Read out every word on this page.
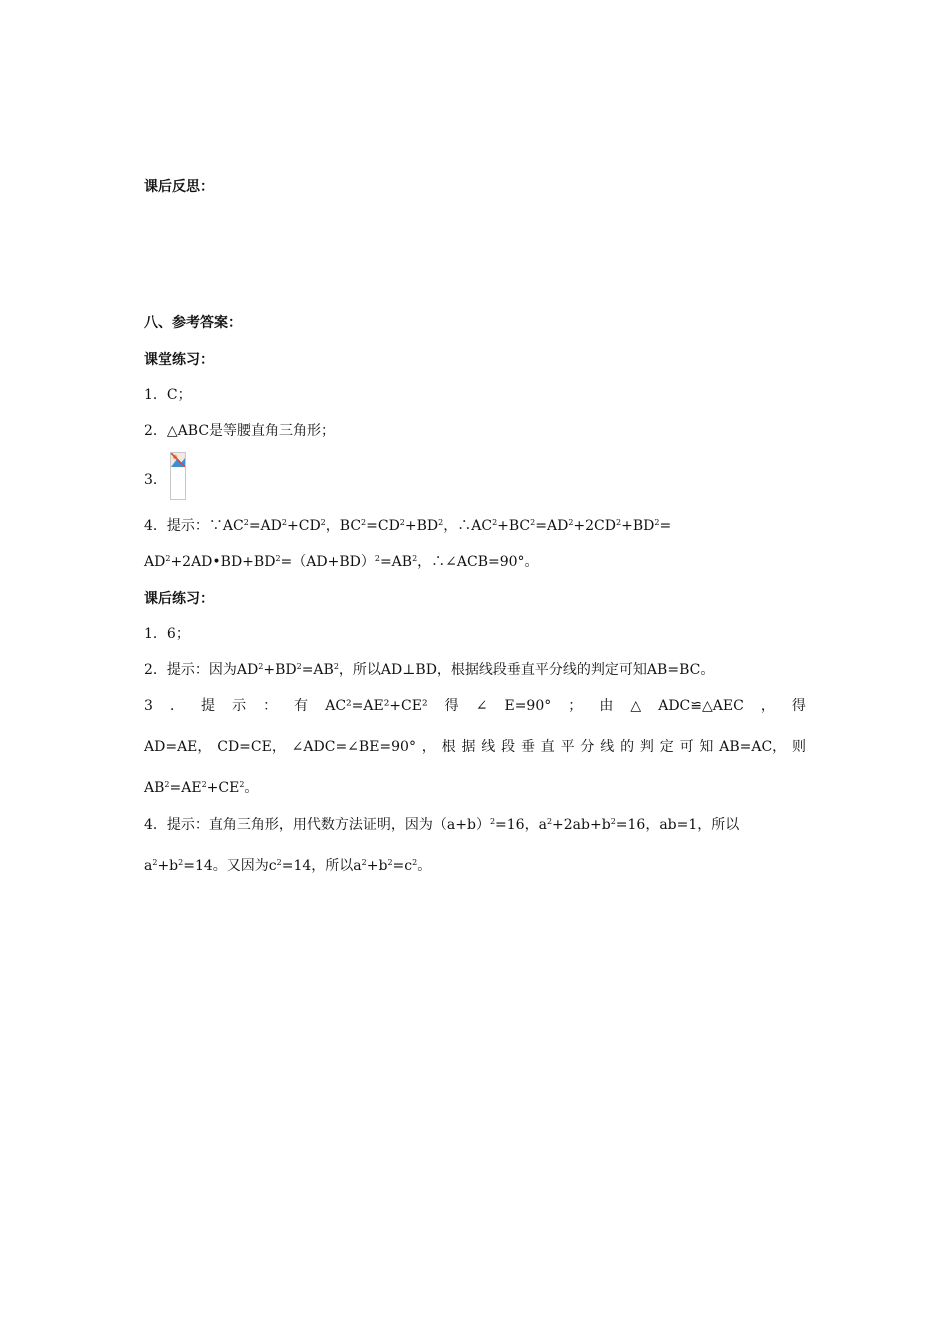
课后反思：
八、参考答案：
课堂练习：
1．C；
2．△ABC是等腰直角三角形；
3．
4．提示：$\because AC^2=AD^2+CD^2$，$BC^2=CD^2+BD^2$，$\therefore AC^2+BC^2=AD^2+2CD^2+BD^2=$
$AD^2+2AD•BD+BD^2=(AD+BD)^2=AB^2$，∴∠ACB=90°。
课后练习：
1．6；
2．提示：因为$AD^2+BD^2=AB^2$，所以AD⊥BD，根据线段垂直平分线的判定可知AB=BC。
3 ． 提 示 ： 有 AC²=AE²+CE² 得 ∠ E=90° ； 由 △ ADC≌△AEC ， 得
AD=AE， CD=CE， ∠ADC=∠BE=90° ， 根 据 线 段 垂 直 平 分 线 的 判 定 可 知 AB=AC， 则
$AB^2=AE^2+CE^2$。
4．提示：直角三角形，用代数方法证明，因为$(a+b)^2=16$，$a^2+2ab+b^2=16$，ab=1，所以
$a^2+b^2=14$。又因为$c^2=14$，所以$a^2+b^2=c^2$。
